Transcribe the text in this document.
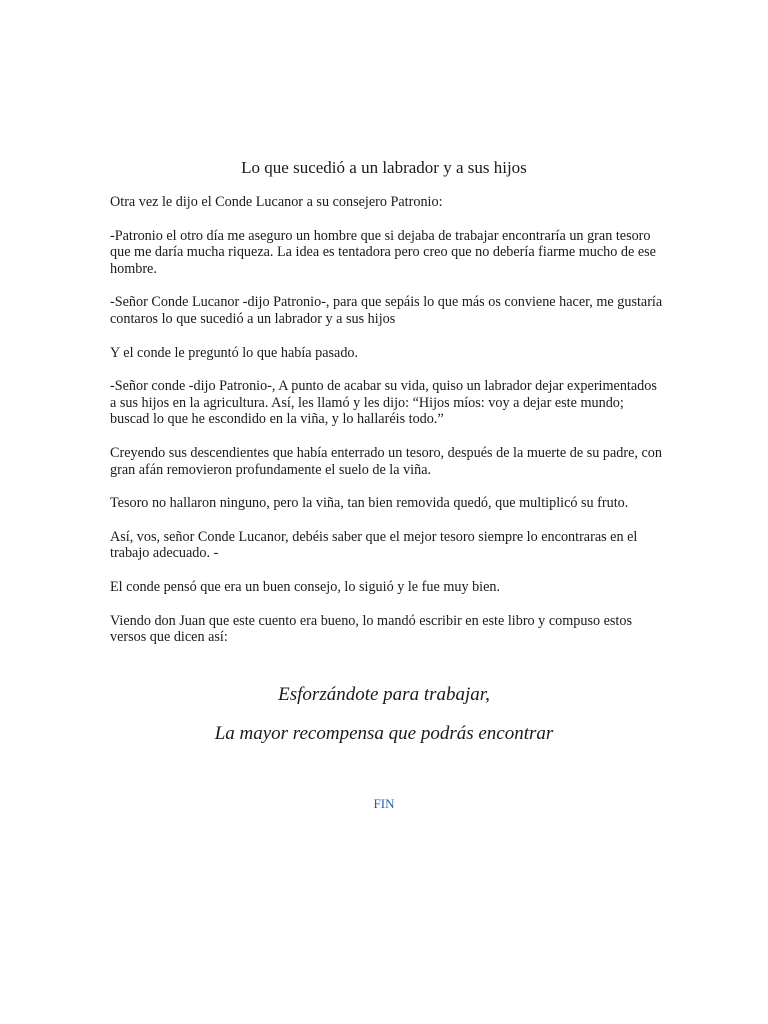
Lo que sucedió a un labrador y a sus hijos

Otra vez le dijo el Conde Lucanor a su consejero Patronio:

-Patronio el otro día me aseguro un hombre que si dejaba de trabajar encontraría un gran tesoro que me daría mucha riqueza. La idea es tentadora pero creo que no debería fiarme mucho de ese hombre.

-Señor Conde Lucanor -dijo Patronio-, para que sepáis lo que más os conviene hacer, me gustaría contaros lo que sucedió a un labrador y a sus hijos

Y el conde le preguntó lo que había pasado.

-Señor conde -dijo Patronio-, A punto de acabar su vida, quiso un labrador dejar experimentados a sus hijos en la agricultura. Así, les llamó y les dijo: “Hijos míos: voy a dejar este mundo; buscad lo que he escondido en la viña, y lo hallaréis todo.”

Creyendo sus descendientes que había enterrado un tesoro, después de la muerte de su padre, con gran afán removieron profundamente el suelo de la viña.

Tesoro no hallaron ninguno, pero la viña, tan bien removida quedó, que multiplicó su fruto.

Así, vos, señor Conde Lucanor, debéis saber que el mejor tesoro siempre lo encontraras en el trabajo adecuado. -

El conde pensó que era un buen consejo, lo siguió y le fue muy bien.

Viendo don Juan que este cuento era bueno, lo mandó escribir en este libro y compuso estos versos que dicen así:

Esforzándote para trabajar,

La mayor recompensa que podrás encontrar

FIN
